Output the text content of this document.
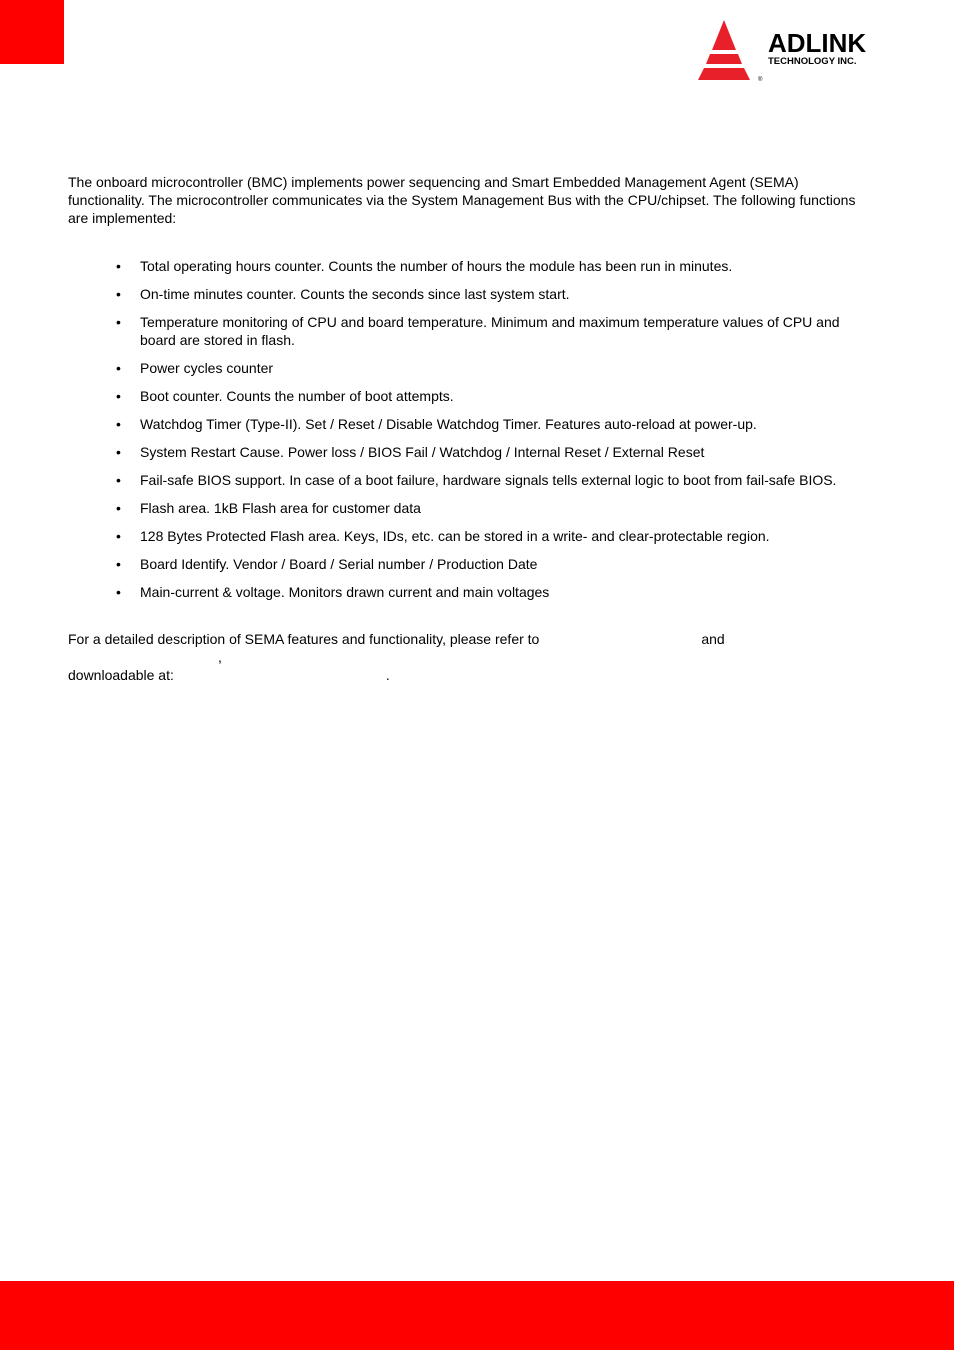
ADLINK
TECHNOLOGY INC.
®

The onboard microcontroller (BMC) implements power sequencing and Smart Embedded Management Agent (SEMA) functionality. The microcontroller communicates via the System Management Bus with the CPU/chipset. The following functions are implemented:

• Total operating hours counter. Counts the number of hours the module has been run in minutes.
• On-time minutes counter. Counts the seconds since last system start.
• Temperature monitoring of CPU and board temperature. Minimum and maximum temperature values of CPU and board are stored in flash.
• Power cycles counter
• Boot counter. Counts the number of boot attempts.
• Watchdog Timer (Type-II). Set / Reset / Disable Watchdog Timer. Features auto-reload at power-up.
• System Restart Cause. Power loss / BIOS Fail / Watchdog / Internal Reset / External Reset
• Fail-safe BIOS support. In case of a boot failure, hardware signals tells external logic to boot from fail-safe BIOS.
• Flash area. 1kB Flash area for customer data
• 128 Bytes Protected Flash area. Keys, IDs, etc. can be stored in a write- and clear-protectable region.
• Board Identify. Vendor / Board / Serial number / Production Date
• Main-current & voltage. Monitors drawn current and main voltages

For a detailed description of SEMA features and functionality, please refer to	and,
downloadable at:	.
